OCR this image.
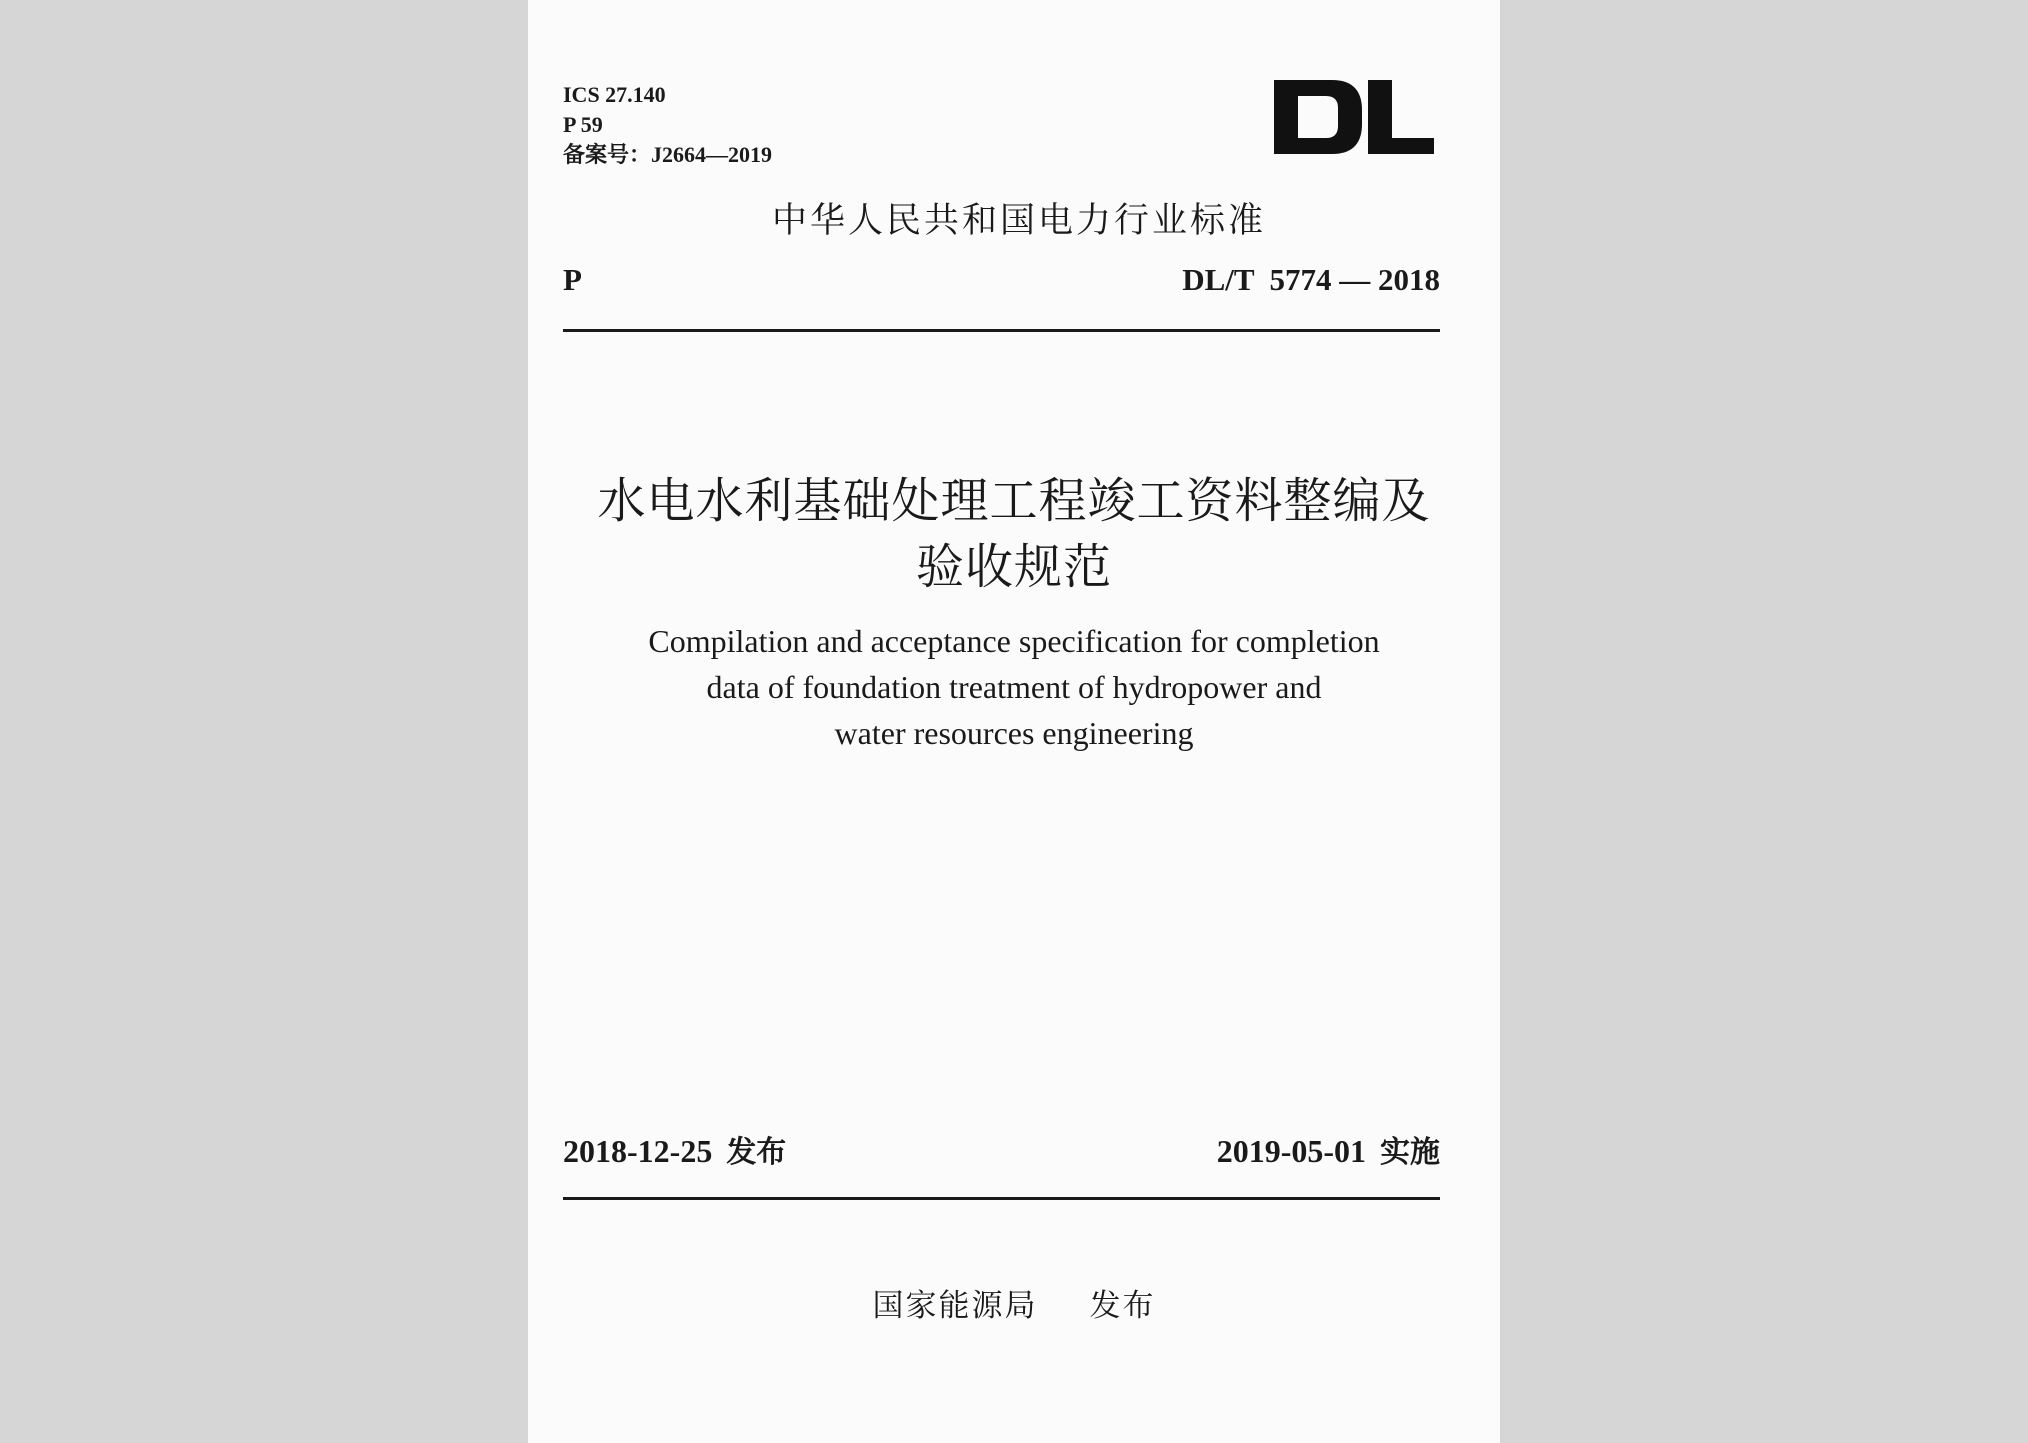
ICS 27.140
P 59
备案号：J2664—2019
中华人民共和国电力行业标准
P	DL/T  5774 — 2018
水电水利基础处理工程竣工资料整编及
验收规范
Compilation and acceptance specification for completion
data of foundation treatment of hydropower and
water resources engineering
2018-12-25 发布	2019-05-01 实施
国家能源局 发布
